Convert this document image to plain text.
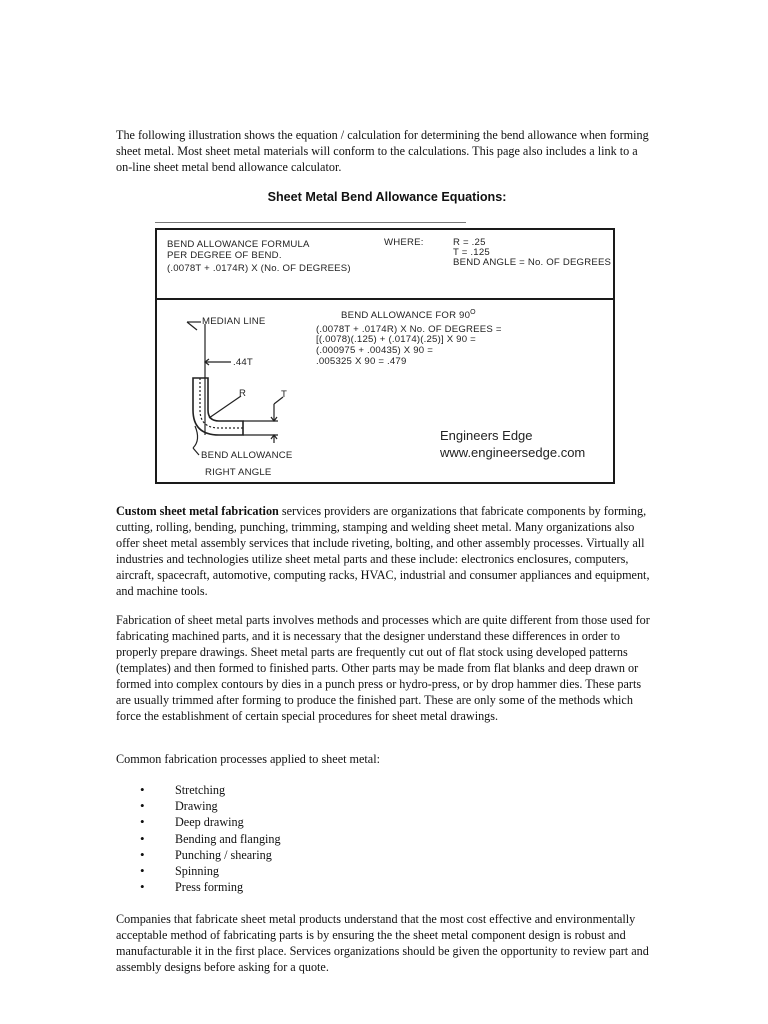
The following illustration shows the equation / calculation for determining the bend allowance when forming sheet metal. Most sheet metal materials will conform to the calculations. This page also includes a link to a on-line sheet metal bend allowance calculator.
Sheet Metal Bend Allowance Equations:
BEND ALLOWANCE FORMULA
PER DEGREE OF BEND.
(.0078T + .0174R) X (No. OF DEGREES)
WHERE:	R = .25
T = .125
BEND ANGLE = No. OF DEGREES
BEND ALLOWANCE FOR $90^O$
(.0078T + .0174R) X No. OF DEGREES =
[(.0078)(.125) + (.0174)(.25)] X 90 =
(.000975 + .00435) X 90 =
.005325 X 90 = .479
MEDIAN LINE
.44T
R	T
BEND ALLOWANCE
RIGHT ANGLE
Engineers Edge
www.engineersedge.com
Custom sheet metal fabrication services providers are organizations that fabricate components by forming, cutting, rolling, bending, punching, trimming, stamping and welding sheet metal. Many organizations also offer sheet metal assembly services that include riveting, bolting, and other assembly processes. Virtually all industries and technologies utilize sheet metal parts and these include: electronics enclosures, computers, aircraft, spacecraft, automotive, computing racks, HVAC, industrial and consumer appliances and equipment, and machine tools.
Fabrication of sheet metal parts involves methods and processes which are quite different from those used for fabricating machined parts, and it is necessary that the designer understand these differences in order to properly prepare drawings. Sheet metal parts are frequently cut out of flat stock using developed patterns (templates) and then formed to finished parts. Other parts may be made from flat blanks and deep drawn or formed into complex contours by dies in a punch press or hydro-press, or by drop hammer dies. These parts are usually trimmed after forming to produce the finished part. These are only some of the methods which force the establishment of certain special procedures for sheet metal drawings.
Common fabrication processes applied to sheet metal:
• Stretching
• Drawing
• Deep drawing
• Bending and flanging
• Punching / shearing
• Spinning
• Press forming
Companies that fabricate sheet metal products understand that the most cost effective and environmentally acceptable method of fabricating parts is by ensuring the the sheet metal component design is robust and manufacturable it in the first place. Services organizations should be given the opportunity to review part and assembly designs before asking for a quote.
